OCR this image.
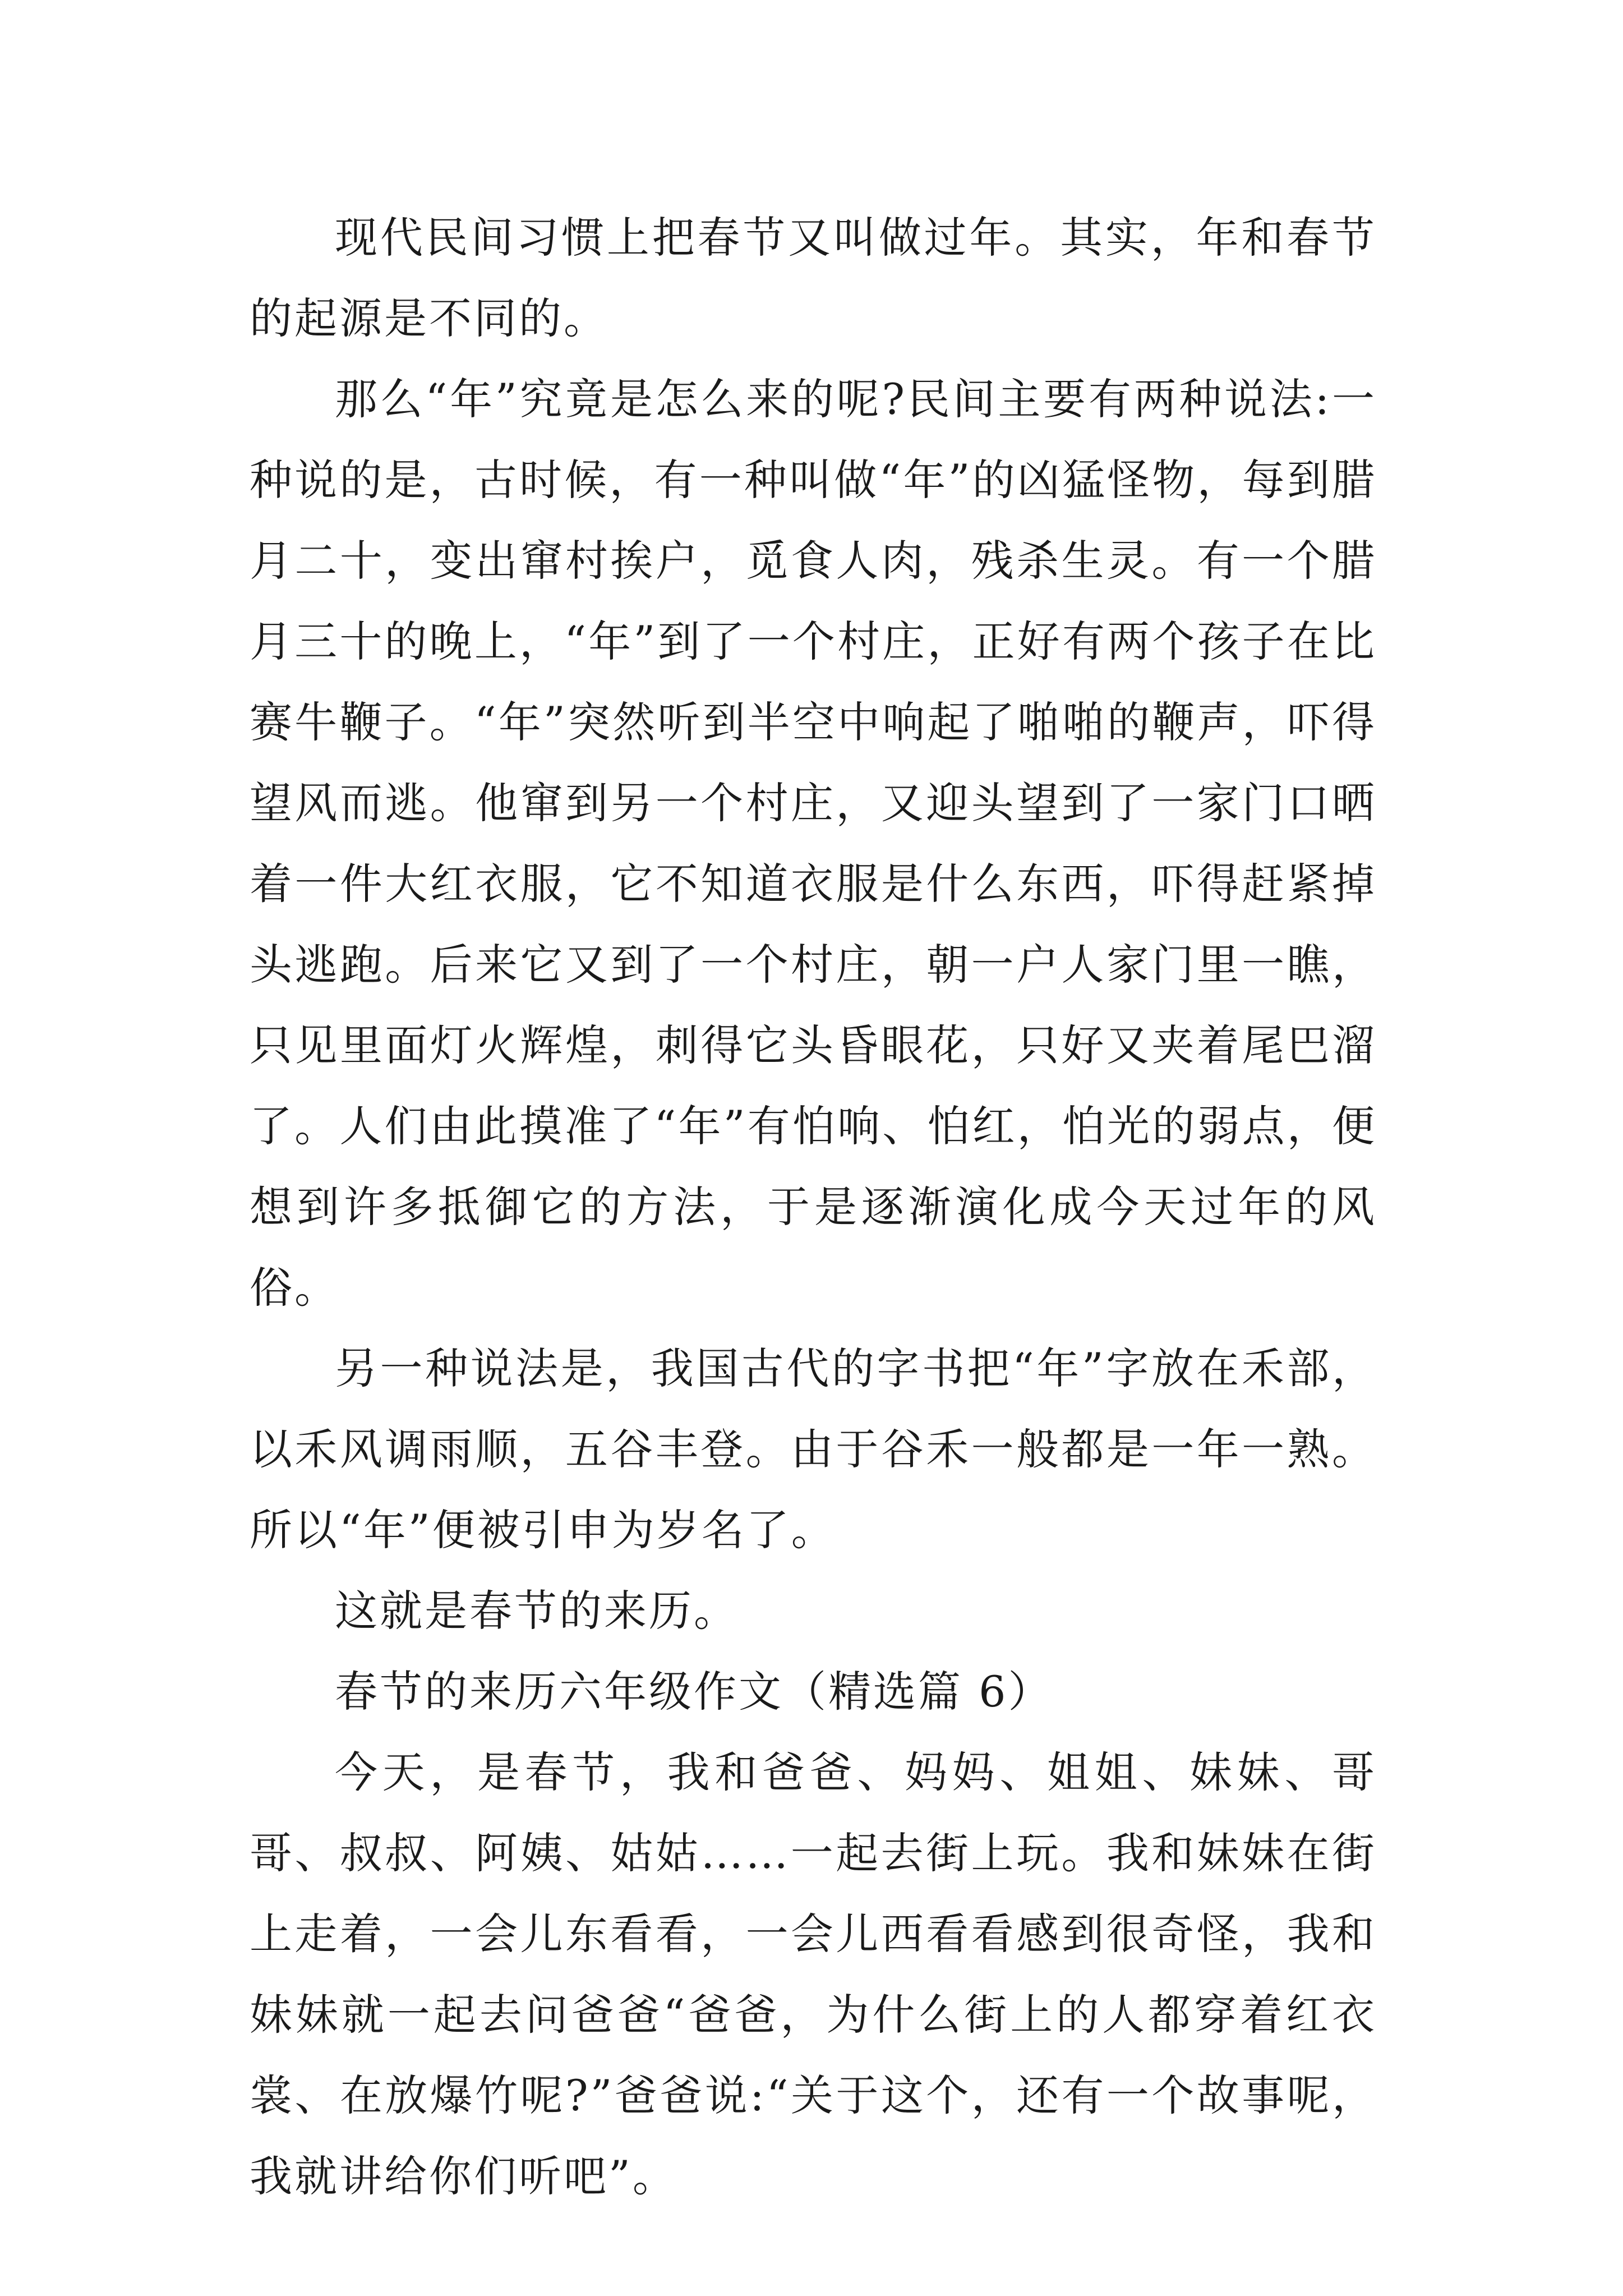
现代民间习惯上把春节又叫做过年。其实，年和春节的起源是不同的。

那么“年”究竟是怎么来的呢?民间主要有两种说法:一种说的是，古时候，有一种叫做“年”的凶猛怪物，每到腊月二十，变出窜村挨户，觅食人肉，残杀生灵。有一个腊月三十的晚上，“年”到了一个村庄，正好有两个孩子在比赛牛鞭子。“年”突然听到半空中响起了啪啪的鞭声，吓得望风而逃。他窜到另一个村庄，又迎头望到了一家门口晒着一件大红衣服，它不知道衣服是什么东西，吓得赶紧掉头逃跑。后来它又到了一个村庄，朝一户人家门里一瞧，只见里面灯火辉煌，刺得它头昏眼花，只好又夹着尾巴溜了。人们由此摸准了“年”有怕响、怕红，怕光的弱点，便想到许多抵御它的方法，于是逐渐演化成今天过年的风俗。

另一种说法是，我国古代的字书把“年”字放在禾部，以禾风调雨顺，五谷丰登。由于谷禾一般都是一年一熟。所以“年”便被引申为岁名了。

这就是春节的来历。

春节的来历六年级作文（精选篇 6）

今天，是春节，我和爸爸、妈妈、姐姐、妹妹、哥哥、叔叔、阿姨、姑姑……一起去街上玩。我和妹妹在街上走着，一会儿东看看，一会儿西看看感到很奇怪，我和妹妹就一起去问爸爸“爸爸，为什么街上的人都穿着红衣裳、在放爆竹呢?”爸爸说:“关于这个，还有一个故事呢，我就讲给你们听吧”。
